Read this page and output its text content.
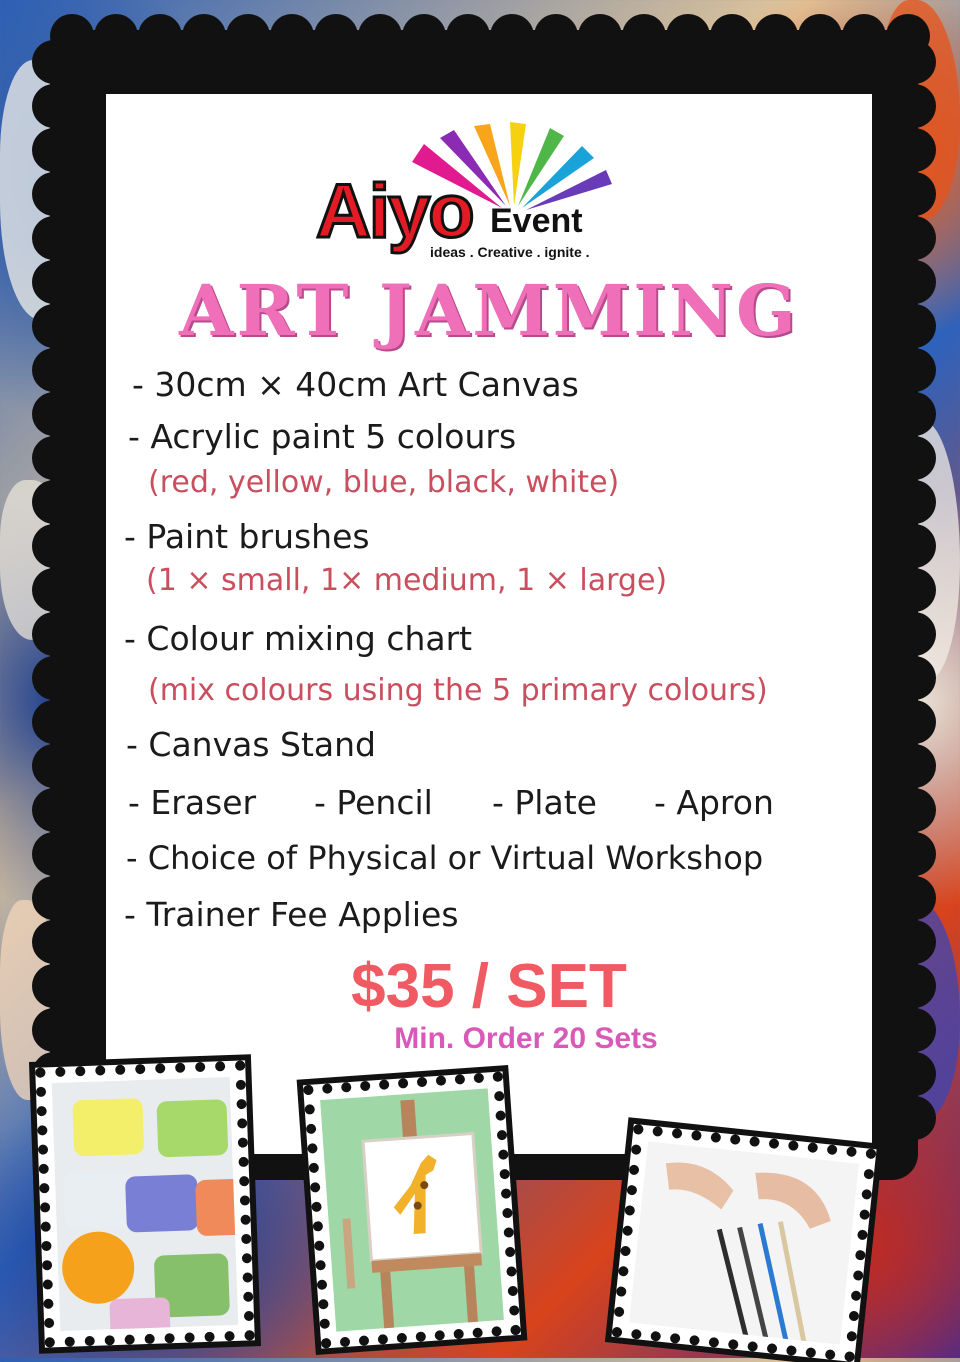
Aiyo Event
ideas . Creative . ignite .
ART JAMMING
- 30cm × 40cm Art Canvas
- Acrylic paint 5 colours
(red, yellow, blue, black, white)
- Paint brushes
(1 × small, 1× medium, 1 × large)
- Colour mixing chart
(mix colours using the 5 primary colours)
- Canvas Stand
- Eraser - Pencil - Plate - Apron
- Choice of Physical or Virtual Workshop
- Trainer Fee Applies
$35 / SET
Min. Order 20 Sets
